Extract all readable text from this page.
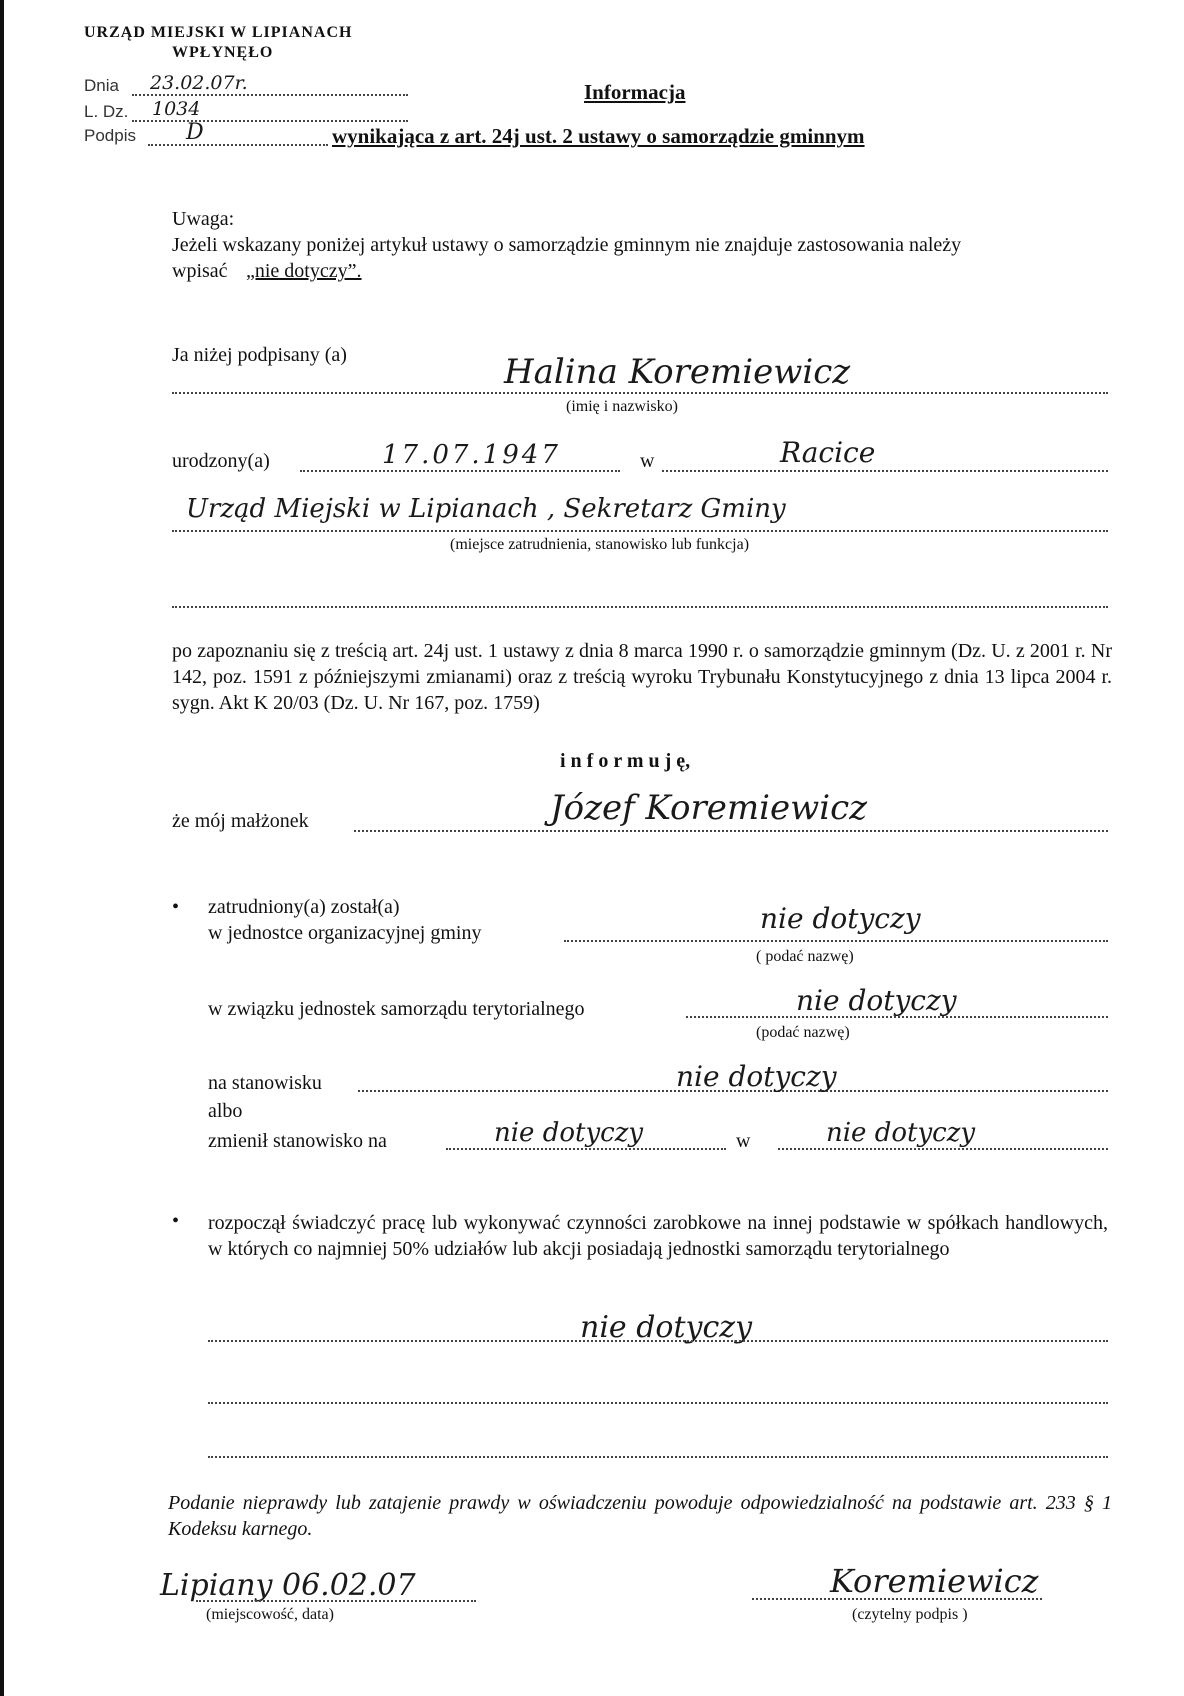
URZĄD MIEJSKI W LIPIANACH
WPŁYNĘŁO
Dnia 23.02.07r.
L. Dz. 1034
Podpis D
Informacja
wynikająca z art. 24j ust. 2 ustawy o samorządzie gminnym
Uwaga:
Jeżeli wskazany poniżej artykuł ustawy o samorządzie gminnym nie znajduje zastosowania należy
wpisać „nie dotyczy”.
Ja niżej podpisany (a)	Halina Koremiewicz
(imię i nazwisko)
urodzony(a)	17.07.1947	w	Racice
Urząd Miejski w Lipianach , Sekretarz Gminy
(miejsce zatrudnienia, stanowisko lub funkcja)
po zapoznaniu się z treścią art. 24j ust. 1 ustawy z dnia 8 marca 1990 r. o samorządzie gminnym (Dz. U. z 2001 r. Nr 142, poz. 1591 z późniejszymi zmianami) oraz z treścią wyroku Trybunału Konstytucyjnego z dnia 13 lipca 2004 r. sygn. Akt K 20/03 (Dz. U. Nr 167, poz. 1759)
i n f o r m u j ę,
że mój małżonek	Józef Koremiewicz
• zatrudniony(a) został(a)
w jednostce organizacyjnej gminy	nie dotyczy
( podać nazwę)
w związku jednostek samorządu terytorialnego	nie dotyczy
(podać nazwę)
na stanowisku	nie dotyczy
albo
zmienił stanowisko na	nie dotyczy	w	nie dotyczy
• rozpoczął świadczyć pracę lub wykonywać czynności zarobkowe na innej podstawie w spółkach handlowych, w których co najmniej 50% udziałów lub akcji posiadają jednostki samorządu terytorialnego
nie dotyczy
Podanie nieprawdy lub zatajenie prawdy w oświadczeniu powoduje odpowiedzialność na podstawie art. 233 § 1 Kodeksu karnego.
Lipiany 06.02.07
(miejscowość, data)
Koremiewicz
(czytelny podpis )
